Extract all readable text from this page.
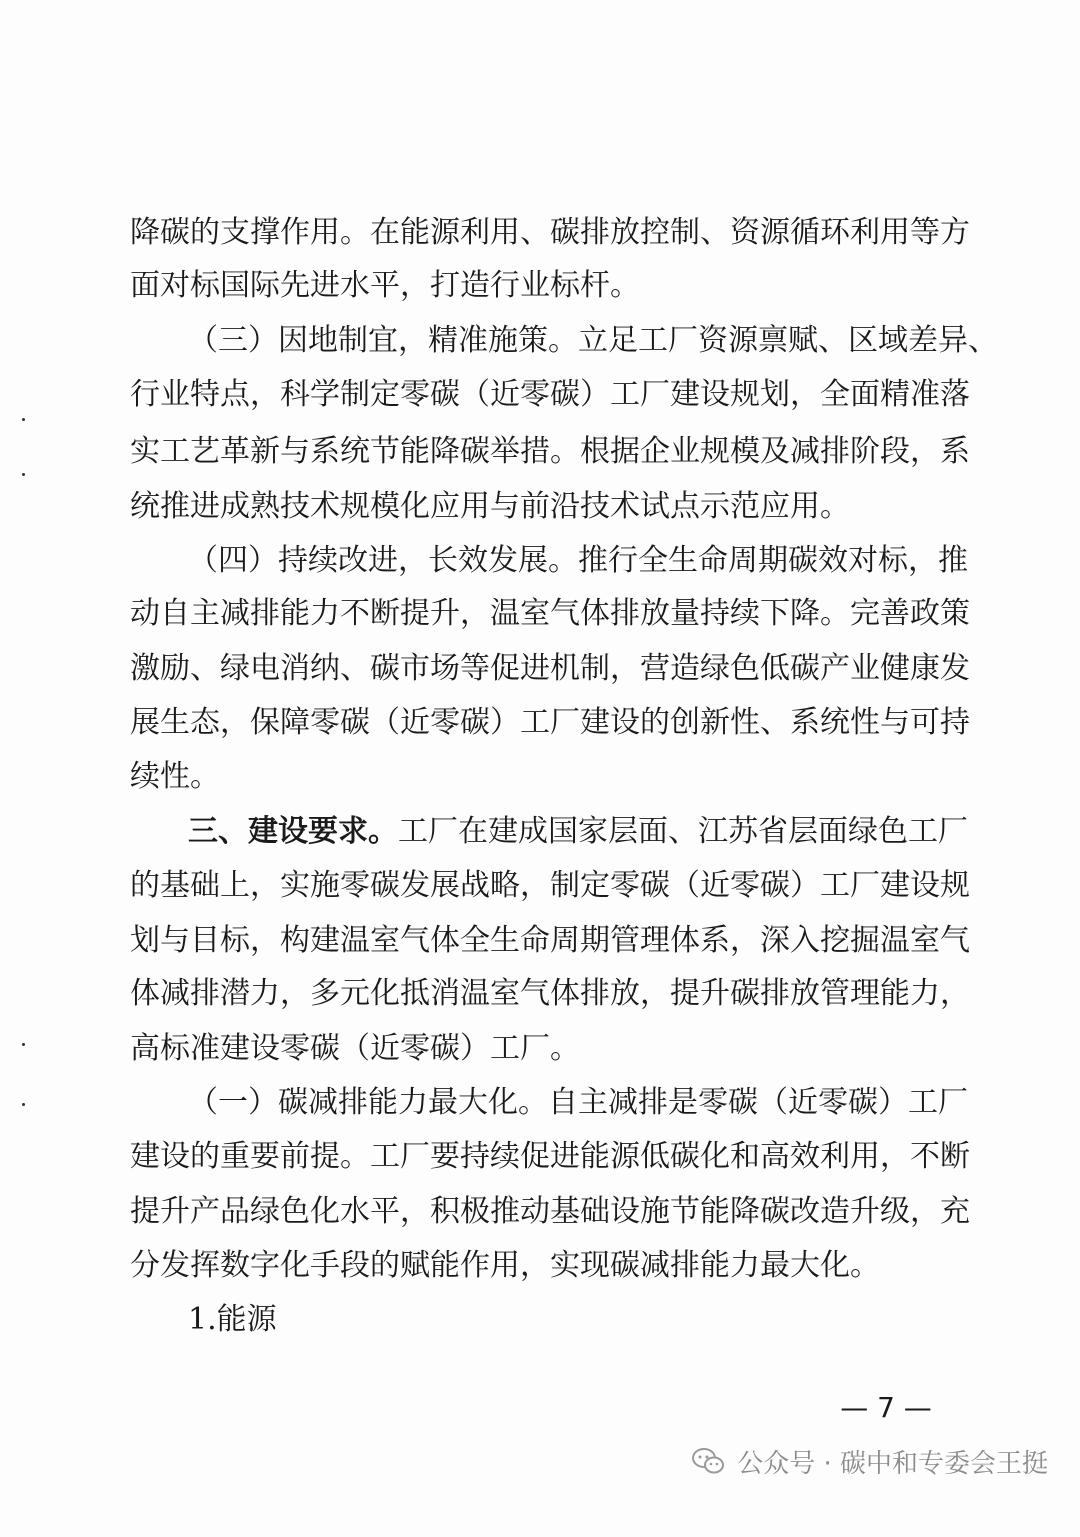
降 碳 的 支 撑 作 用 。 在 能 源 利 用 、 碳 排 放 控 制 、 资 源 循 环 利 用 等 方
面对标国际先进水平，打造行业标杆。
（ 三 ） 因 地 制 宜 ， 精 准 施 策 。 立 足 工 厂 资 源 禀 赋 、 区 域 差 异 、
行 业 特 点 ， 科 学 制 定 零 碳 （ 近 零 碳 ） 工 厂 建 设 规 划 ， 全 面 精 准 落
实 工 艺 革 新 与 系 统 节 能 降 碳 举 措 。 根 据 企 业 规 模 及 减 排 阶 段 ， 系
统推进成熟技术规模化应用与前沿技术试点示范应用。
（ 四 ） 持 续 改 进 ， 长 效 发 展 。 推 行 全 生 命 周 期 碳 效 对 标 ， 推
动 自 主 减 排 能 力 不 断 提 升 ， 温 室 气 体 排 放 量 持 续 下 降 。 完 善 政 策
激 励 、 绿 电 消 纳 、 碳 市 场 等 促 进 机 制 ， 营 造 绿 色 低 碳 产 业 健 康 发
展 生 态 ， 保 障 零 碳 （ 近 零 碳 ） 工 厂 建 设 的 创 新 性 、 系 统 性 与 可 持
续性。
三、建设要求。 工 厂 在 建 成 国 家 层 面 、 江 苏 省 层 面 绿 色 工 厂
的 基 础 上 ， 实 施 零 碳 发 展 战 略 ， 制 定 零 碳 （ 近 零 碳 ） 工 厂 建 设 规
划 与 目 标 ， 构 建 温 室 气 体 全 生 命 周 期 管 理 体 系 ， 深 入 挖 掘 温 室 气
体 减 排 潜 力 ， 多 元 化 抵 消 温 室 气 体 排 放 ， 提 升 碳 排 放 管 理 能 力 ，
高标准建设零碳（近零碳）工厂。
（ 一 ） 碳 减 排 能 力 最 大 化 。 自 主 减 排 是 零 碳 （ 近 零 碳 ） 工 厂
建 设 的 重 要 前 提 。 工 厂 要 持 续 促 进 能 源 低 碳 化 和 高 效 利 用 ， 不 断
提 升 产 品 绿 色 化 水 平 ， 积 极 推 动 基 础 设 施 节 能 降 碳 改 造 升 级 ， 充
分发挥数字化手段的赋能作用，实现碳减排能力最大化。
1.能源
— 7 —
公众号 · 碳中和专委会王挺
